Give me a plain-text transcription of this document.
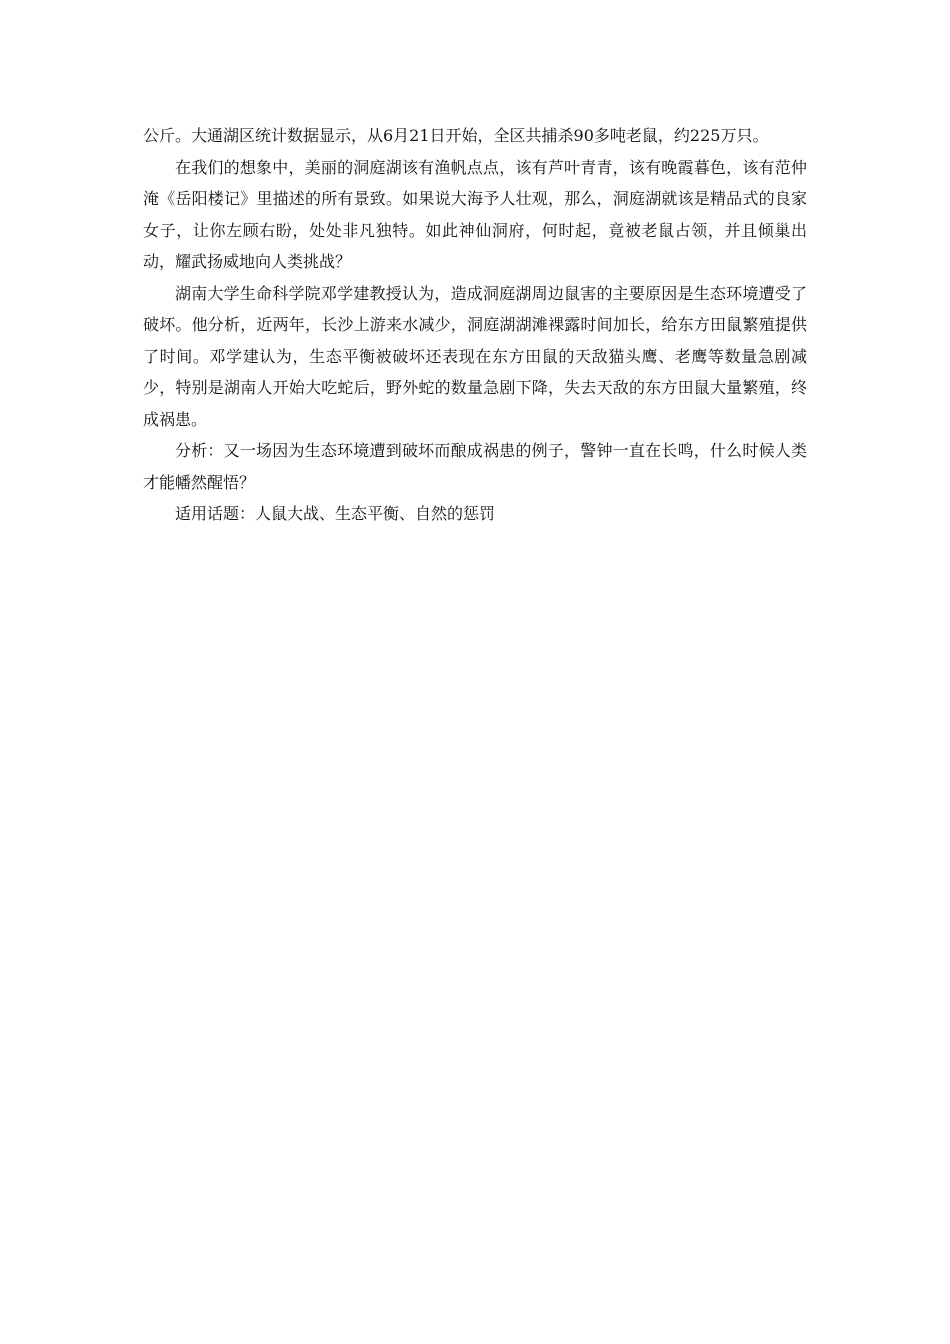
公斤。大通湖区统计数据显示，从6月21日开始，全区共捕杀90多吨老鼠，约225万只。

在我们的想象中，美丽的洞庭湖该有渔帆点点，该有芦叶青青，该有晚霞暮色，该有范仲淹《岳阳楼记》里描述的所有景致。如果说大海予人壮观，那么，洞庭湖就该是精品式的良家女子，让你左顾右盼，处处非凡独特。如此神仙洞府，何时起，竟被老鼠占领，并且倾巢出动，耀武扬威地向人类挑战？

湖南大学生命科学院邓学建教授认为，造成洞庭湖周边鼠害的主要原因是生态环境遭受了破坏。他分析，近两年，长沙上游来水减少，洞庭湖湖滩裸露时间加长，给东方田鼠繁殖提供了时间。邓学建认为，生态平衡被破坏还表现在东方田鼠的天敌猫头鹰、老鹰等数量急剧减少，特别是湖南人开始大吃蛇后，野外蛇的数量急剧下降，失去天敌的东方田鼠大量繁殖，终成祸患。

分析：又一场因为生态环境遭到破坏而酿成祸患的例子，警钟一直在长鸣，什么时候人类才能幡然醒悟？

适用话题：人鼠大战、生态平衡、自然的惩罚
